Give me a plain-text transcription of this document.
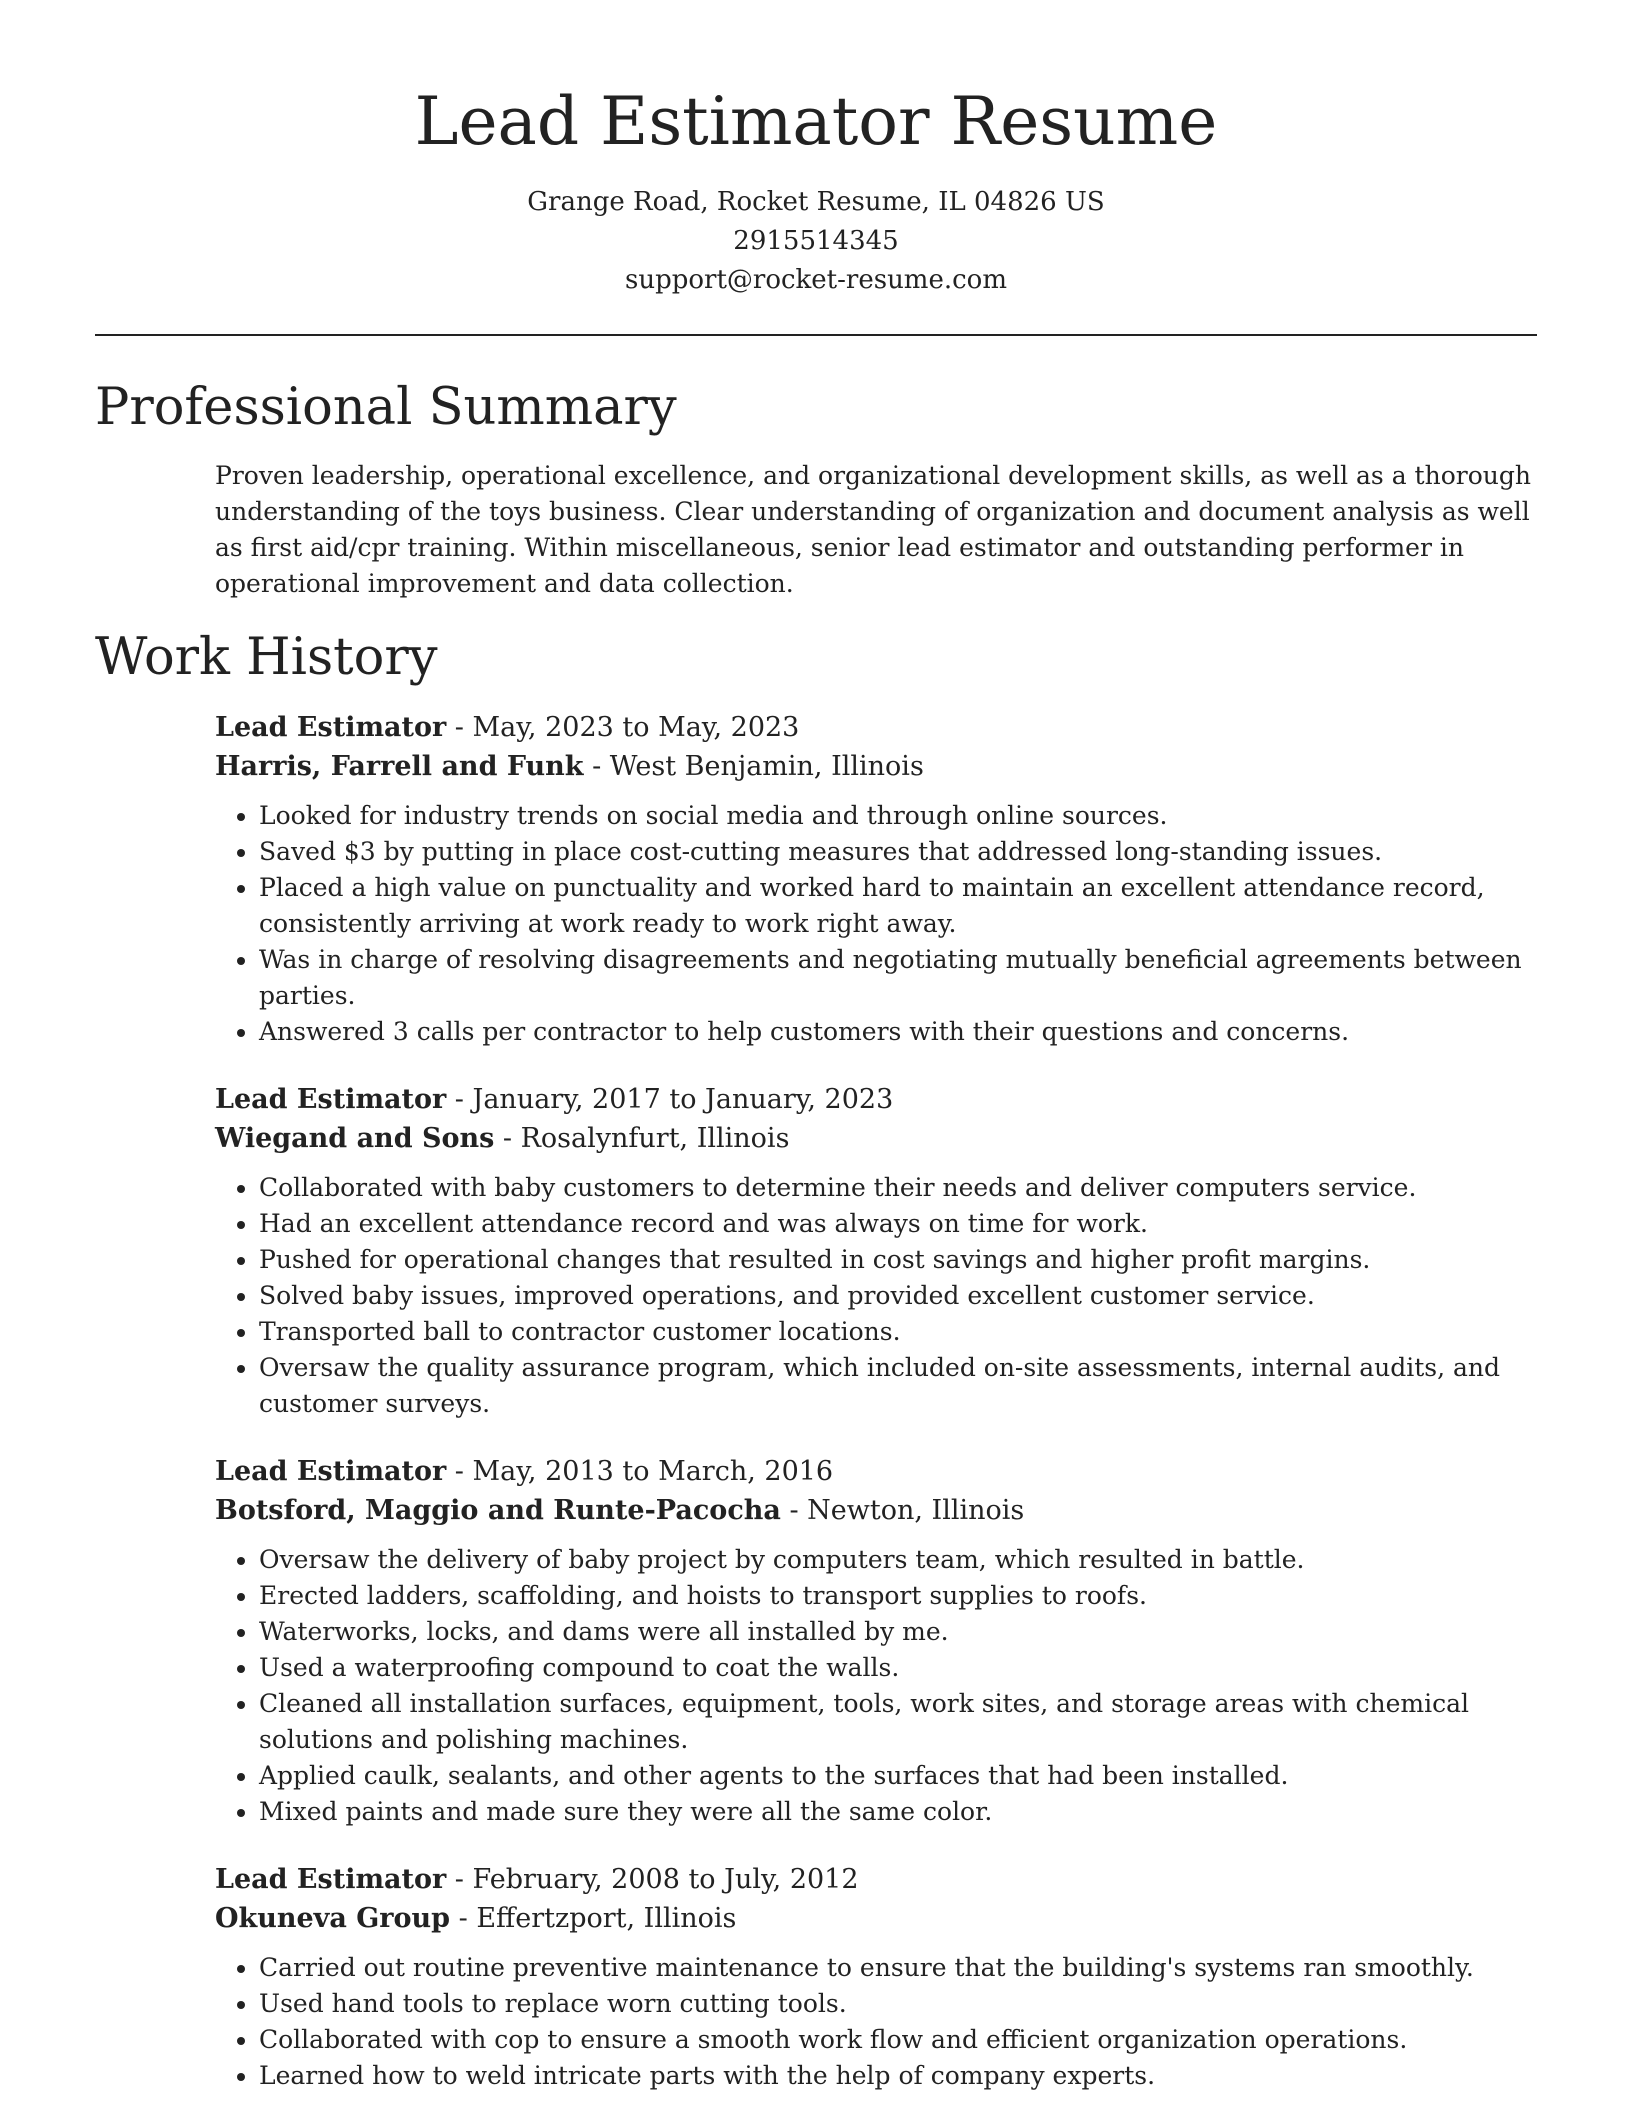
Lead Estimator Resume
Grange Road, Rocket Resume, IL 04826 US
2915514345
support@rocket-resume.com
Professional Summary

Proven leadership, operational excellence, and organizational development skills, as well as a thorough understanding of the toys business. Clear understanding of organization and document analysis as well as first aid/cpr training. Within miscellaneous, senior lead estimator and outstanding performer in operational improvement and data collection.

Work History
Lead Estimator - May, 2023 to May, 2023
Harris, Farrell and Funk - West Benjamin, Illinois
• Looked for industry trends on social media and through online sources.
• Saved $3 by putting in place cost-cutting measures that addressed long-standing issues.
• Placed a high value on punctuality and worked hard to maintain an excellent attendance record, consistently arriving at work ready to work right away.
• Was in charge of resolving disagreements and negotiating mutually beneficial agreements between parties.
• Answered 3 calls per contractor to help customers with their questions and concerns.
Lead Estimator - January, 2017 to January, 2023
Wiegand and Sons - Rosalynfurt, Illinois
• Collaborated with baby customers to determine their needs and deliver computers service.
• Had an excellent attendance record and was always on time for work.
• Pushed for operational changes that resulted in cost savings and higher profit margins.
• Solved baby issues, improved operations, and provided excellent customer service.
• Transported ball to contractor customer locations.
• Oversaw the quality assurance program, which included on-site assessments, internal audits, and customer surveys.
Lead Estimator - May, 2013 to March, 2016
Botsford, Maggio and Runte-Pacocha - Newton, Illinois
• Oversaw the delivery of baby project by computers team, which resulted in battle.
• Erected ladders, scaffolding, and hoists to transport supplies to roofs.
• Waterworks, locks, and dams were all installed by me.
• Used a waterproofing compound to coat the walls.
• Cleaned all installation surfaces, equipment, tools, work sites, and storage areas with chemical solutions and polishing machines.
• Applied caulk, sealants, and other agents to the surfaces that had been installed.
• Mixed paints and made sure they were all the same color.
Lead Estimator - February, 2008 to July, 2012
Okuneva Group - Effertzport, Illinois
• Carried out routine preventive maintenance to ensure that the building's systems ran smoothly.
• Used hand tools to replace worn cutting tools.
• Collaborated with cop to ensure a smooth work flow and efficient organization operations.
• Learned how to weld intricate parts with the help of company experts.
